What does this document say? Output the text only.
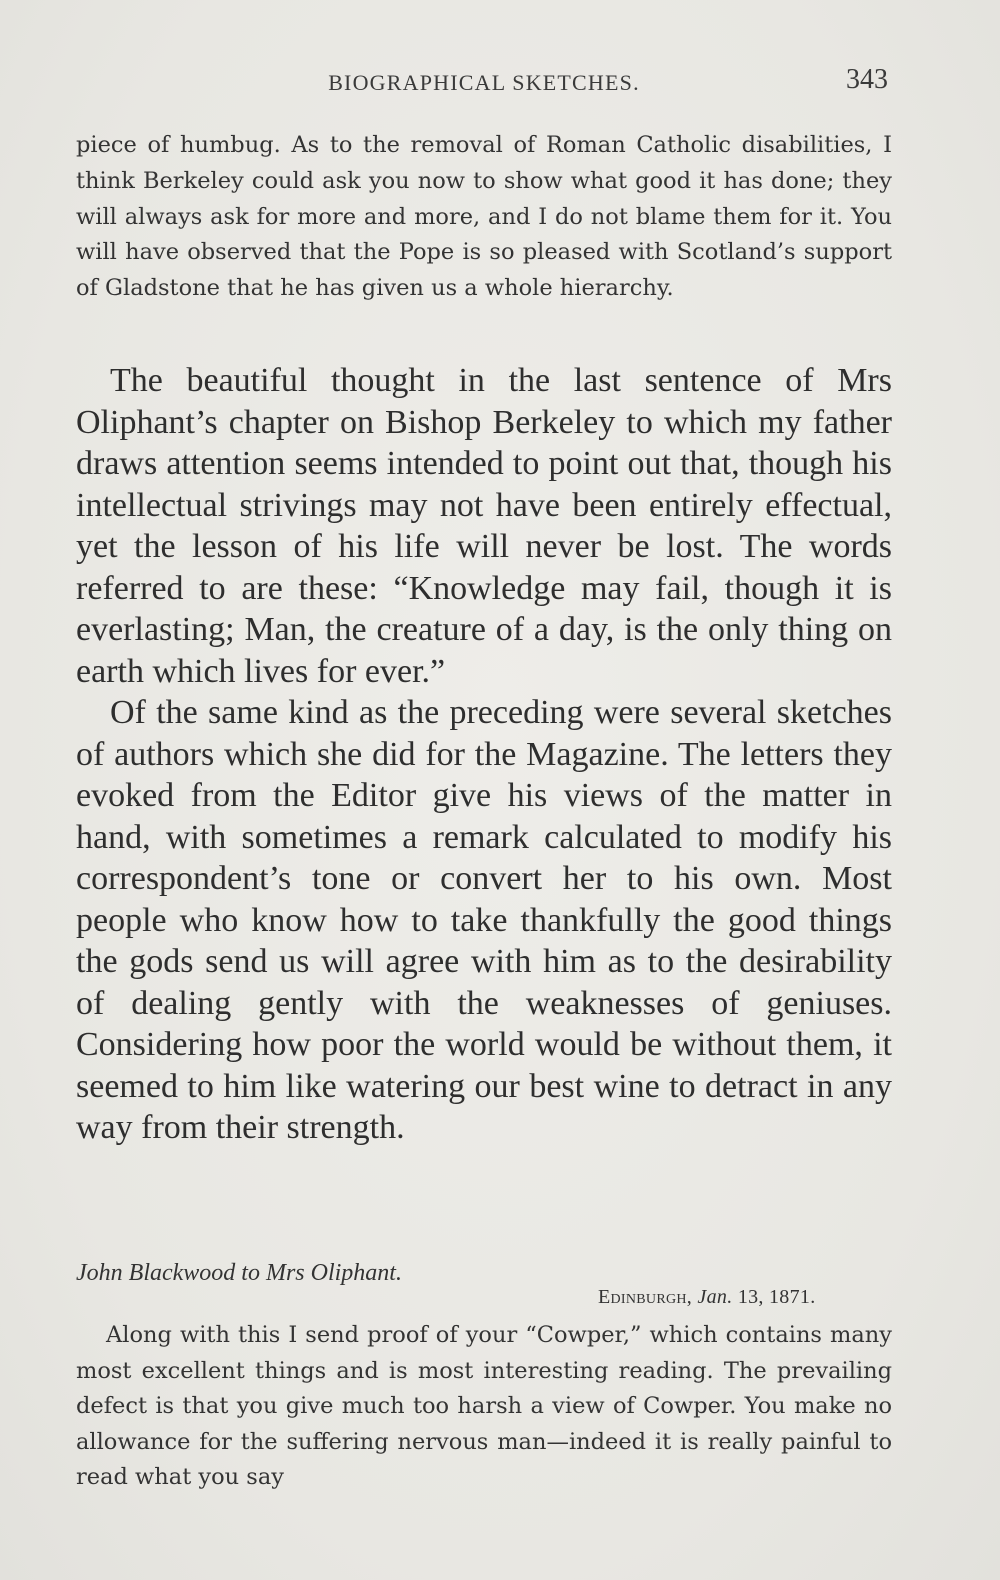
BIOGRAPHICAL SKETCHES.	343

piece of humbug. As to the removal of Roman Catholic disabilities, I think Berkeley could ask you now to show what good it has done; they will always ask for more and more, and I do not blame them for it. You will have observed that the Pope is so pleased with Scotland’s support of Gladstone that he has given us a whole hierarchy.

The beautiful thought in the last sentence of Mrs Oliphant’s chapter on Bishop Berkeley to which my father draws attention seems intended to point out that, though his intellectual strivings may not have been entirely effectual, yet the lesson of his life will never be lost. The words referred to are these: “Knowledge may fail, though it is everlasting; Man, the creature of a day, is the only thing on earth which lives for ever.”

Of the same kind as the preceding were several sketches of authors which she did for the Magazine. The letters they evoked from the Editor give his views of the matter in hand, with sometimes a remark calculated to modify his correspondent’s tone or convert her to his own. Most people who know how to take thankfully the good things the gods send us will agree with him as to the desirability of dealing gently with the weaknesses of geniuses. Considering how poor the world would be without them, it seemed to him like watering our best wine to detract in any way from their strength.

John Blackwood to Mrs Oliphant.
Edinburgh, Jan. 13, 1871.

Along with this I send proof of your “Cowper,” which contains many most excellent things and is most interesting reading. The prevailing defect is that you give much too harsh a view of Cowper. You make no allowance for the suffering nervous man—indeed it is really painful to read what you say
